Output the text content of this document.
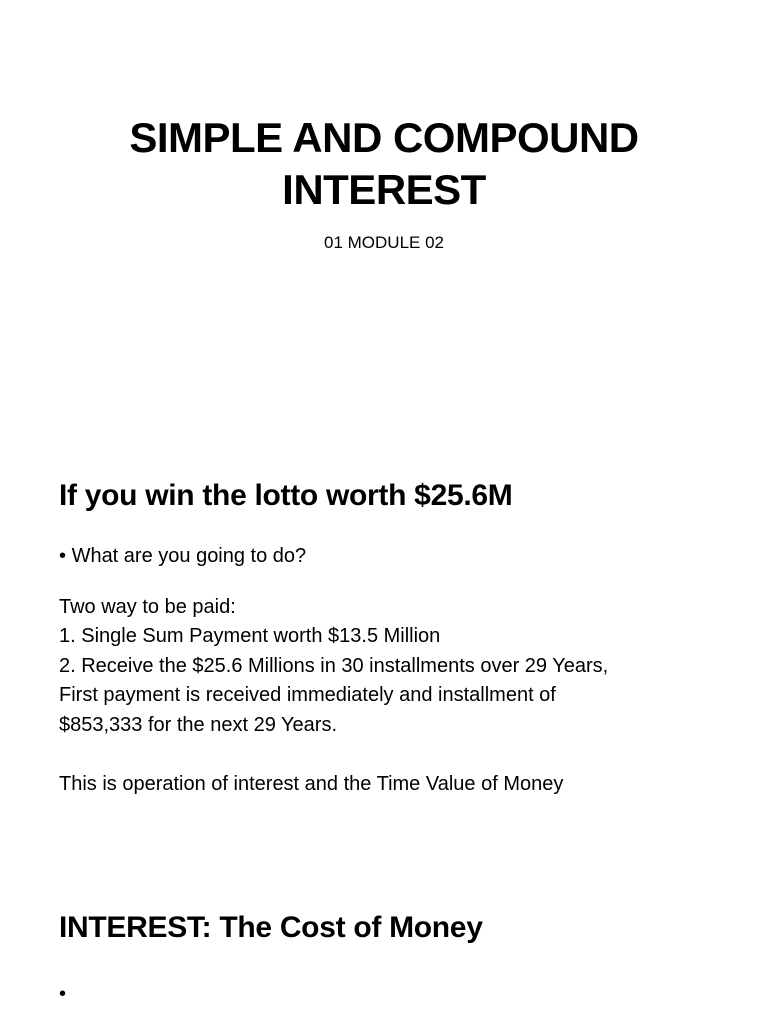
SIMPLE AND COMPOUND
INTEREST
01 MODULE 02
If you win the lotto worth $25.6M
• What are you going to do?
Two way to be paid:
1. Single Sum Payment worth $13.5 Million
2. Receive the $25.6 Millions in 30 installments over 29 Years,
First payment is received immediately and installment of
$853,333 for the next 29 Years.
This is operation of interest and the Time Value of Money
INTEREST: The Cost of Money
•
